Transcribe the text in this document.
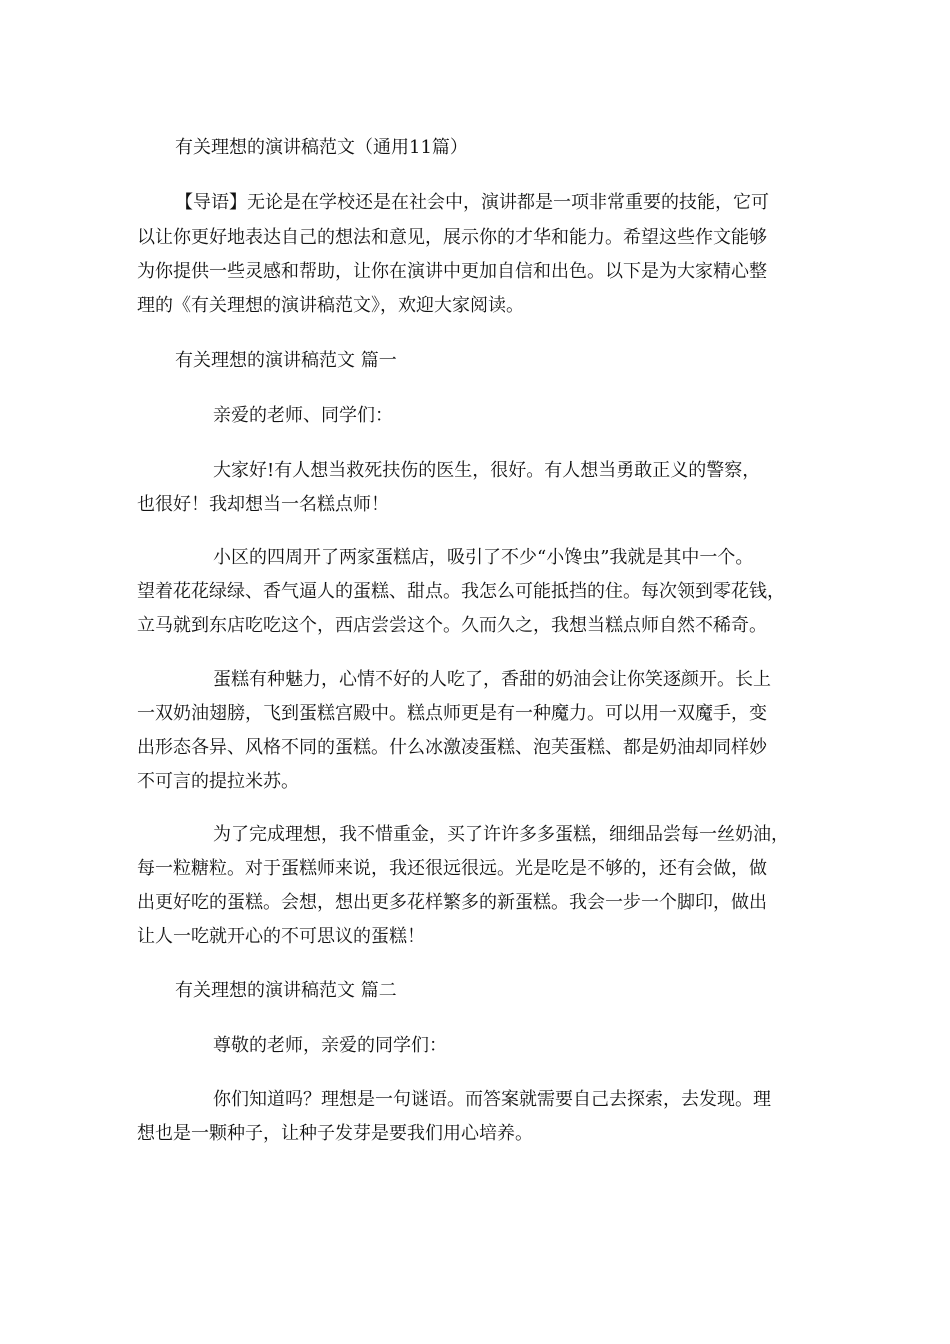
有关理想的演讲稿范文（通用11篇）
【导语】无论是在学校还是在社会中，演讲都是一项非常重要的技能，它可
以让你更好地表达自己的想法和意见，展示你的才华和能力。希望这些作文能够
为你提供一些灵感和帮助，让你在演讲中更加自信和出色。以下是为大家精心整
理的《有关理想的演讲稿范文》，欢迎大家阅读。
有关理想的演讲稿范文 篇一
亲爱的老师、同学们：
大家好!有人想当救死扶伤的医生，很好。有人想当勇敢正义的警察，
也很好！我却想当一名糕点师！
小区的四周开了两家蛋糕店，吸引了不少“小馋虫”我就是其中一个。
望着花花绿绿、香气逼人的蛋糕、甜点。我怎么可能抵挡的住。每次领到零花钱，
立马就到东店吃吃这个，西店尝尝这个。久而久之，我想当糕点师自然不稀奇。
蛋糕有种魅力，心情不好的人吃了，香甜的奶油会让你笑逐颜开。长上
一双奶油翅膀，飞到蛋糕宫殿中。糕点师更是有一种魔力。可以用一双魔手，变
出形态各异、风格不同的蛋糕。什么冰激凌蛋糕、泡芙蛋糕、都是奶油却同样妙
不可言的提拉米苏。
为了完成理想，我不惜重金，买了许许多多蛋糕，细细品尝每一丝奶油，
每一粒糖粒。对于蛋糕师来说，我还很远很远。光是吃是不够的，还有会做，做
出更好吃的蛋糕。会想，想出更多花样繁多的新蛋糕。我会一步一个脚印，做出
让人一吃就开心的不可思议的蛋糕！
有关理想的演讲稿范文 篇二
尊敬的老师，亲爱的同学们：
你们知道吗？理想是一句谜语。而答案就需要自己去探索，去发现。理
想也是一颗种子，让种子发芽是要我们用心培养。
